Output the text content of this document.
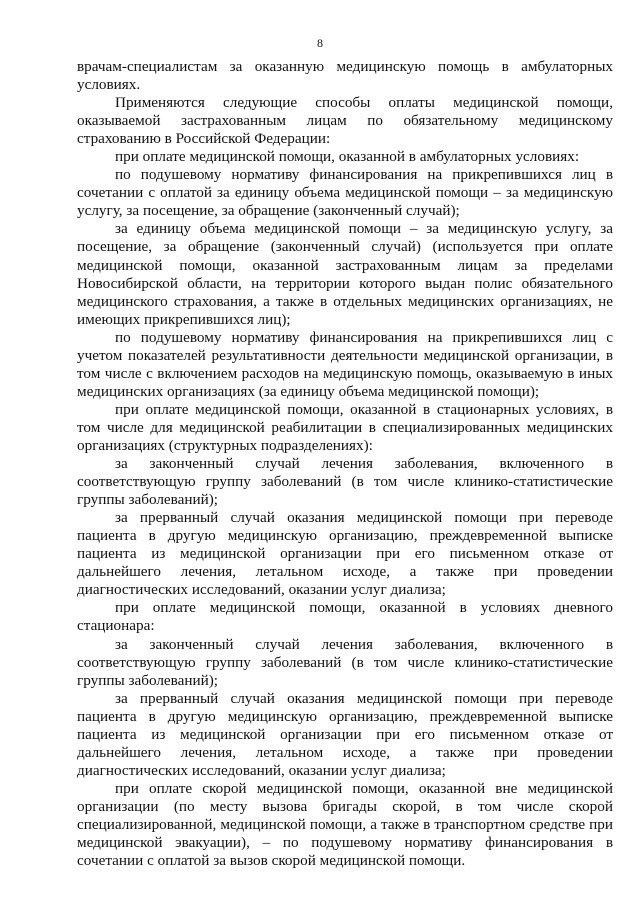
8

врачам-специалистам за оказанную медицинскую помощь в амбулаторных условиях.

Применяются следующие способы оплаты медицинской помощи, оказываемой застрахованным лицам по обязательному медицинскому страхованию в Российской Федерации:

при оплате медицинской помощи, оказанной в амбулаторных условиях:

по подушевому нормативу финансирования на прикрепившихся лиц в сочетании с оплатой за единицу объема медицинской помощи – за медицинскую услугу, за посещение, за обращение (законченный случай);

за единицу объема медицинской помощи – за медицинскую услугу, за посещение, за обращение (законченный случай) (используется при оплате медицинской помощи, оказанной застрахованным лицам за пределами Новосибирской области, на территории которого выдан полис обязательного медицинского страхования, а также в отдельных медицинских организациях, не имеющих прикрепившихся лиц);

по подушевому нормативу финансирования на прикрепившихся лиц с учетом показателей результативности деятельности медицинской организации, в том числе с включением расходов на медицинскую помощь, оказываемую в иных медицинских организациях (за единицу объема медицинской помощи);

при оплате медицинской помощи, оказанной в стационарных условиях, в том числе для медицинской реабилитации в специализированных медицинских организациях (структурных подразделениях):

за законченный случай лечения заболевания, включенного в соответствующую группу заболеваний (в том числе клинико-статистические группы заболеваний);

за прерванный случай оказания медицинской помощи при переводе пациента в другую медицинскую организацию, преждевременной выписке пациента из медицинской организации при его письменном отказе от дальнейшего лечения, летальном исходе, а также при проведении диагностических исследований, оказании услуг диализа;

при оплате медицинской помощи, оказанной в условиях дневного стационара:

за законченный случай лечения заболевания, включенного в соответствующую группу заболеваний (в том числе клинико-статистические группы заболеваний);

за прерванный случай оказания медицинской помощи при переводе пациента в другую медицинскую организацию, преждевременной выписке пациента из медицинской организации при его письменном отказе от дальнейшего лечения, летальном исходе, а также при проведении диагностических исследований, оказании услуг диализа;

при оплате скорой медицинской помощи, оказанной вне медицинской организации (по месту вызова бригады скорой, в том числе скорой специализированной, медицинской помощи, а также в транспортном средстве при медицинской эвакуации), – по подушевому нормативу финансирования в сочетании с оплатой за вызов скорой медицинской помощи.
